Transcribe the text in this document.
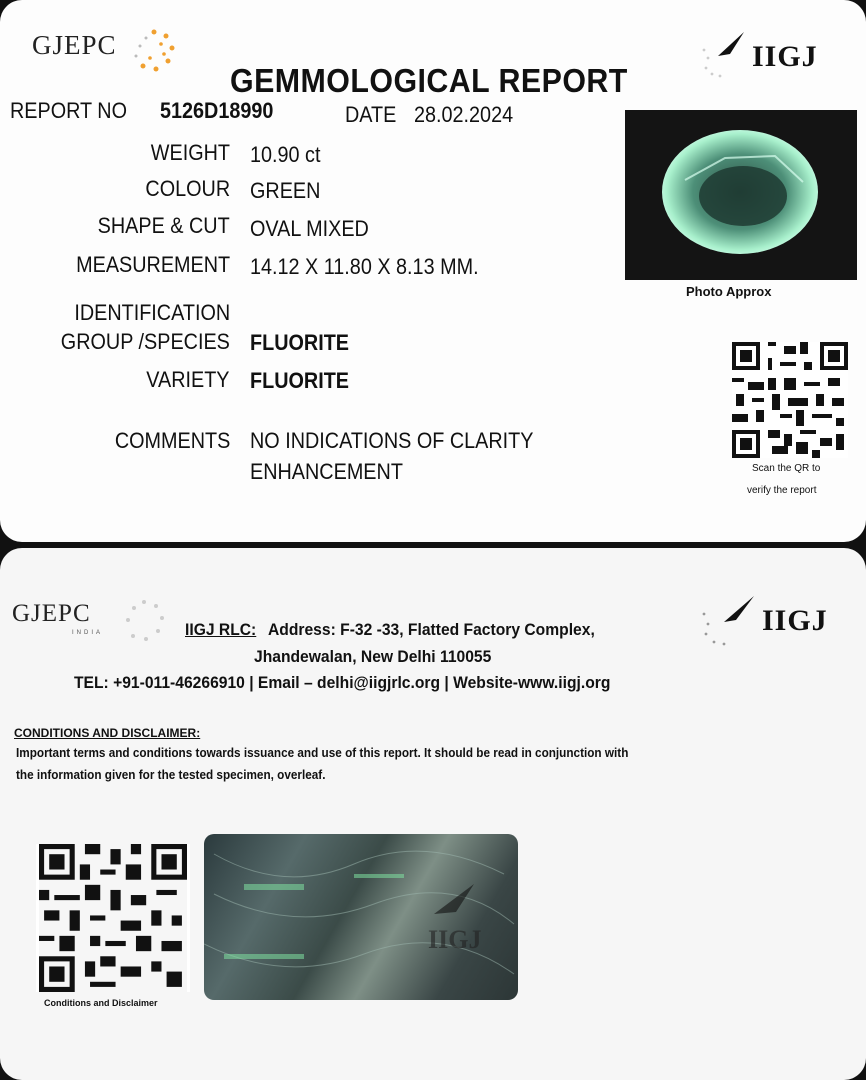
GJEPC	IIGJ
GEMMOLOGICAL REPORT
REPORT NO 5126D18990	DATE 28.02.2024
WEIGHT 10.90 ct
COLOUR GREEN
SHAPE & CUT OVAL MIXED
MEASUREMENT 14.12 X 11.80 X 8.13 MM.
IDENTIFICATION
GROUP /SPECIES FLUORITE
VARIETY FLUORITE
COMMENTS NO INDICATIONS OF CLARITY
ENHANCEMENT
Photo Approx
Scan the QR to
verify the report
GJEPC
INDIA	IIGJ
IIGJ RLC: Address: F-32 -33, Flatted Factory Complex,
Jhandewalan, New Delhi 110055
TEL: +91-011-46266910 | Email – delhi@iigjrlc.org | Website-www.iigj.org
CONDITIONS AND DISCLAIMER:
Important terms and conditions towards issuance and use of this report. It should be read in conjunction with
the information given for the tested specimen, overleaf.
Conditions and Disclaimer
IIGJ
